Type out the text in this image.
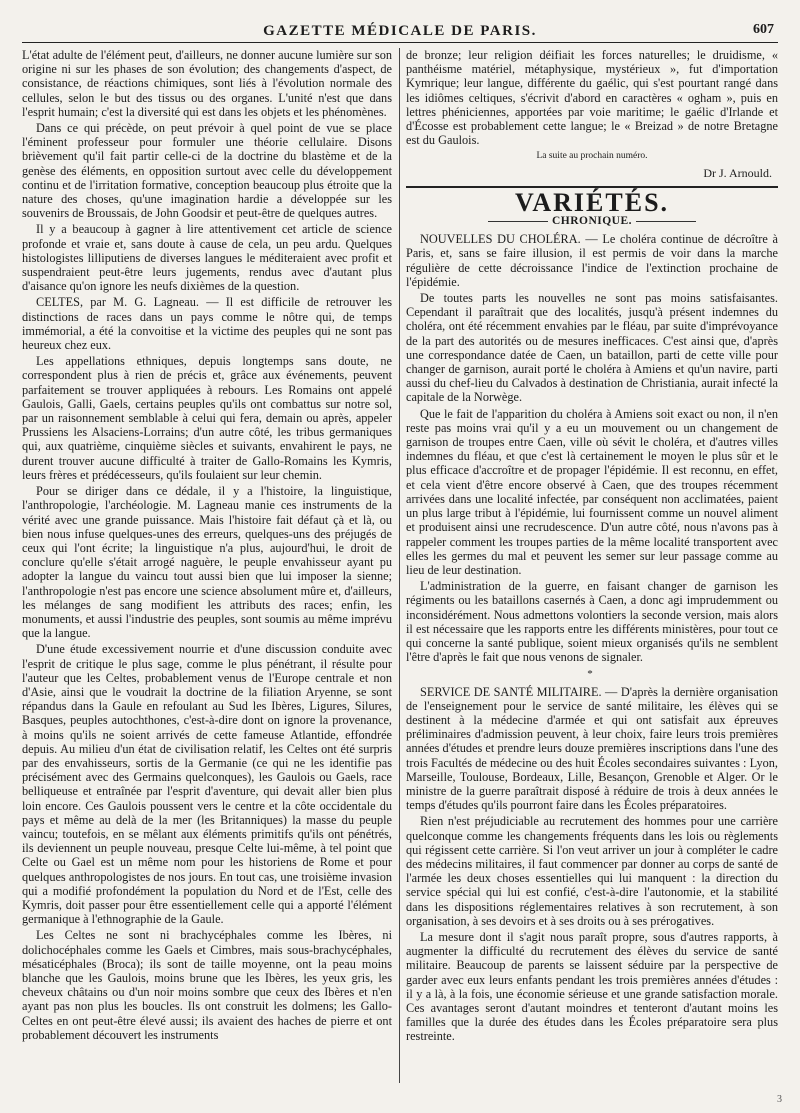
GAZETTE MÉDICALE DE PARIS.	607

L'état adulte de l'élément peut, d'ailleurs, ne donner aucune lumière sur son origine ni sur les phases de son évolution; des changements d'aspect, de consistance, de réactions chimiques, sont liés à l'évolution normale des cellules, selon le but des tissus ou des organes. L'unité n'est que dans l'esprit humain; c'est la diversité qui est dans les objets et les phénomènes.

Dans ce qui précède, on peut prévoir à quel point de vue se place l'éminent professeur pour formuler une théorie cellulaire. Disons brièvement qu'il fait partir celle-ci de la doctrine du blastème et de la genèse des éléments, en opposition surtout avec celle du développement continu et de l'irritation formative, conception beaucoup plus étroite que la nature des choses, qu'une imagination hardie a développée sur les souvenirs de Broussais, de John Goodsir et peut-être de quelques autres.

Il y a beaucoup à gagner à lire attentivement cet article de science profonde et vraie et, sans doute à cause de cela, un peu ardu. Quelques histologistes lilliputiens de diverses langues le méditeraient avec profit et suspendraient peut-être leurs jugements, rendus avec d'autant plus d'aisance qu'on ignore les neufs dixièmes de la question.

CELTES, par M. G. Lagneau. — Il est difficile de retrouver les distinctions de races dans un pays comme le nôtre qui, de temps immémorial, a été la convoitise et la victime des peuples qui ne sont pas heureux chez eux.

Les appellations ethniques, depuis longtemps sans doute, ne correspondent plus à rien de précis et, grâce aux événements, peuvent parfaitement se trouver appliquées à rebours. Les Romains ont appelé Gaulois, Galli, Gaels, certains peuples qu'ils ont combattus sur notre sol, par un raisonnement semblable à celui qui fera, demain ou après, appeler Prussiens les Alsaciens-Lorrains; d'un autre côté, les tribus germaniques qui, aux quatrième, cinquième siècles et suivants, envahirent le pays, ne durent trouver aucune difficulté à traiter de Gallo-Romains les Kymris, leurs frères et prédécesseurs, qu'ils foulaient sur leur chemin.

Pour se diriger dans ce dédale, il y a l'histoire, la linguistique, l'anthropologie, l'archéologie. M. Lagneau manie ces instruments de la vérité avec une grande puissance. Mais l'histoire fait défaut çà et là, ou bien nous infuse quelques-unes des erreurs, quelques-uns des préjugés de ceux qui l'ont écrite; la linguistique n'a plus, aujourd'hui, le droit de conclure qu'elle s'était arrogé naguère, le peuple envahisseur ayant pu adopter la langue du vaincu tout aussi bien que lui imposer la sienne; l'anthropologie n'est pas encore une science absolument mûre et, d'ailleurs, les mélanges de sang modifient les attributs des races; enfin, les monuments, et aussi l'industrie des peuples, sont soumis au même imprévu que la langue.

D'une étude excessivement nourrie et d'une discussion conduite avec l'esprit de critique le plus sage, comme le plus pénétrant, il résulte pour l'auteur que les Celtes, probablement venus de l'Europe centrale et non d'Asie, ainsi que le voudrait la doctrine de la filiation Aryenne, se sont répandus dans la Gaule en refoulant au Sud les Ibères, Ligures, Silures, Basques, peuples autochthones, c'est-à-dire dont on ignore la provenance, à moins qu'ils ne soient arrivés de cette fameuse Atlantide, effondrée depuis. Au milieu d'un état de civilisation relatif, les Celtes ont été surpris par des envahisseurs, sortis de la Germanie (ce qui ne les identifie pas précisément avec des Germains quelconques), les Gaulois ou Gaels, race belliqueuse et entraînée par l'esprit d'aventure, qui devait aller bien plus loin encore. Ces Gaulois poussent vers le centre et la côte occidentale du pays et même au delà de la mer (les Britanniques) la masse du peuple vaincu; toutefois, en se mêlant aux éléments primitifs qu'ils ont pénétrés, ils deviennent un peuple nouveau, presque Celte lui-même, à tel point que Celte ou Gael est un même nom pour les historiens de Rome et pour quelques anthropologistes de nos jours. En tout cas, une troisième invasion qui a modifié profondément la population du Nord et de l'Est, celle des Kymris, doit passer pour être essentiellement celle qui a apporté l'élément germanique à l'ethnographie de la Gaule.

Les Celtes ne sont ni brachycéphales comme les Ibères, ni dolichocéphales comme les Gaels et Cimbres, mais sous-brachycéphales, mésaticéphales (Broca); ils sont de taille moyenne, ont la peau moins blanche que les Gaulois, moins brune que les Ibères, les yeux gris, les cheveux châtains ou d'un noir moins sombre que ceux des Ibères et n'en ayant pas non plus les boucles. Ils ont construit les dolmens; les Gallo-Celtes en ont peut-être élevé aussi; ils avaient des haches de pierre et ont probablement découvert les instruments

de bronze; leur religion déifiait les forces naturelles; le druidisme, « panthéisme matériel, métaphysique, mystérieux », fut d'importation Kymrique; leur langue, différente du gaélic, qui s'est pourtant rangé dans les idiômes celtiques, s'écrivit d'abord en caractères « ogham », puis en lettres phéniciennes, apportées par voie maritime; le gaélic d'Irlande et d'Écosse est probablement cette langue; le « Breizad » de notre Bretagne est du Gaulois.

La suite au prochain numéro.
Dr J. Arnould.
VARIÉTÉS.
CHRONIQUE.

NOUVELLES DU CHOLÉRA. — Le choléra continue de décroître à Paris, et, sans se faire illusion, il est permis de voir dans la marche régulière de cette décroissance l'indice de l'extinction prochaine de l'épidémie.

De toutes parts les nouvelles ne sont pas moins satisfaisantes. Cependant il paraîtrait que des localités, jusqu'à présent indemnes du choléra, ont été récemment envahies par le fléau, par suite d'imprévoyance de la part des autorités ou de mesures inefficaces. C'est ainsi que, d'après une correspondance datée de Caen, un bataillon, parti de cette ville pour changer de garnison, aurait porté le choléra à Amiens et qu'un navire, parti aussi du chef-lieu du Calvados à destination de Christiania, aurait infecté la capitale de la Norwège.

Que le fait de l'apparition du choléra à Amiens soit exact ou non, il n'en reste pas moins vrai qu'il y a eu un mouvement ou un changement de garnison de troupes entre Caen, ville où sévit le choléra, et d'autres villes indemnes du fléau, et que c'est là certainement le moyen le plus sûr et le plus efficace d'accroître et de propager l'épidémie. Il est reconnu, en effet, et cela vient d'être encore observé à Caen, que des troupes récemment arrivées dans une localité infectée, par conséquent non acclimatées, paient un plus large tribut à l'épidémie, lui fournissent comme un nouvel aliment et produisent ainsi une recrudescence. D'un autre côté, nous n'avons pas à rappeler comment les troupes parties de la même localité transportent avec elles les germes du mal et peuvent les semer sur leur passage comme au lieu de leur destination.

L'administration de la guerre, en faisant changer de garnison les régiments ou les bataillons casernés à Caen, a donc agi imprudemment ou inconsidérément. Nous admettons volontiers la seconde version, mais alors il est nécessaire que les rapports entre les différents ministères, pour tout ce qui concerne la santé publique, soient mieux organisés qu'ils ne semblent l'être d'après le fait que nous venons de signaler.

*

SERVICE DE SANTÉ MILITAIRE. — D'après la dernière organisation de l'enseignement pour le service de santé militaire, les élèves qui se destinent à la médecine d'armée et qui ont satisfait aux épreuves préliminaires d'admission peuvent, à leur choix, faire leurs trois premières années d'études et prendre leurs douze premières inscriptions dans l'une des trois Facultés de médecine ou des huit Écoles secondaires suivantes : Lyon, Marseille, Toulouse, Bordeaux, Lille, Besançon, Grenoble et Alger. Or le ministre de la guerre paraîtrait disposé à réduire de trois à deux années le temps d'études qu'ils pourront faire dans les Écoles préparatoires.

Rien n'est préjudiciable au recrutement des hommes pour une carrière quelconque comme les changements fréquents dans les lois ou règlements qui régissent cette carrière. Si l'on veut arriver un jour à compléter le cadre des médecins militaires, il faut commencer par donner au corps de santé de l'armée les deux choses essentielles qui lui manquent : la direction du service spécial qui lui est confié, c'est-à-dire l'autonomie, et la stabilité dans les dispositions réglementaires relatives à son recrutement, à son organisation, à ses devoirs et à ses droits ou à ses prérogatives.

La mesure dont il s'agit nous paraît propre, sous d'autres rapports, à augmenter la difficulté du recrutement des élèves du service de santé militaire. Beaucoup de parents se laissent séduire par la perspective de garder avec eux leurs enfants pendant les trois premières années d'études : il y a là, à la fois, une économie sérieuse et une grande satisfaction morale. Ces avantages seront d'autant moindres et tenteront d'autant moins les familles que la durée des études dans les Écoles préparatoire sera plus restreinte.

3
